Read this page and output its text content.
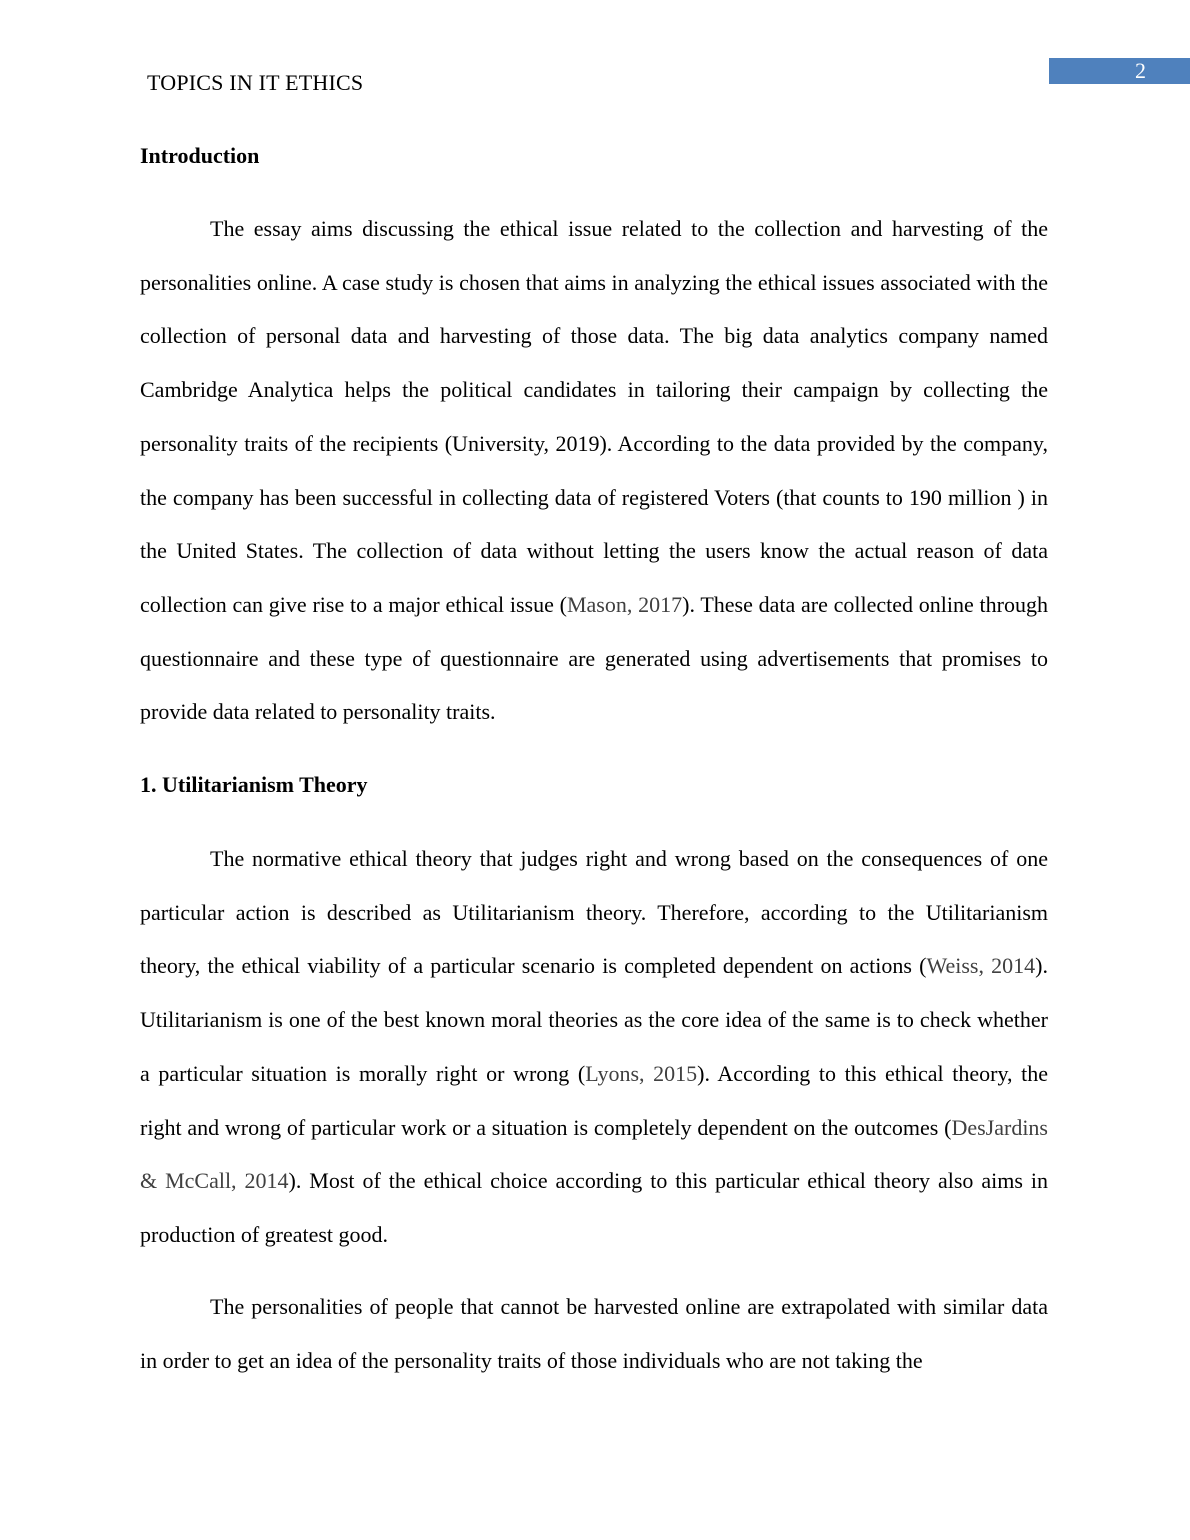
2
TOPICS IN IT ETHICS
Introduction

The essay aims discussing the ethical issue related to the collection and harvesting of the personalities online. A case study is chosen that aims in analyzing the ethical issues associated with the collection of personal data and harvesting of those data. The big data analytics company named Cambridge Analytica helps the political candidates in tailoring their campaign by collecting the personality traits of the recipients (University, 2019). According to the data provided by the company, the company has been successful in collecting data of registered Voters (that counts to 190 million ) in the United States. The collection of data without letting the users know the actual reason of data collection can give rise to a major ethical issue (Mason, 2017). These data are collected online through questionnaire and these type of questionnaire are generated using advertisements that promises to provide data related to personality traits.

1. Utilitarianism Theory

The normative ethical theory that judges right and wrong based on the consequences of one particular action is described as Utilitarianism theory. Therefore, according to the Utilitarianism theory, the ethical viability of a particular scenario is completed dependent on actions (Weiss, 2014). Utilitarianism is one of the best known moral theories as the core idea of the same is to check whether a particular situation is morally right or wrong (Lyons, 2015). According to this ethical theory, the right and wrong of particular work or a situation is completely dependent on the outcomes (DesJardins & McCall, 2014). Most of the ethical choice according to this particular ethical theory also aims in production of greatest good.

The personalities of people that cannot be harvested online are extrapolated with similar data in order to get an idea of the personality traits of those individuals who are not taking the
